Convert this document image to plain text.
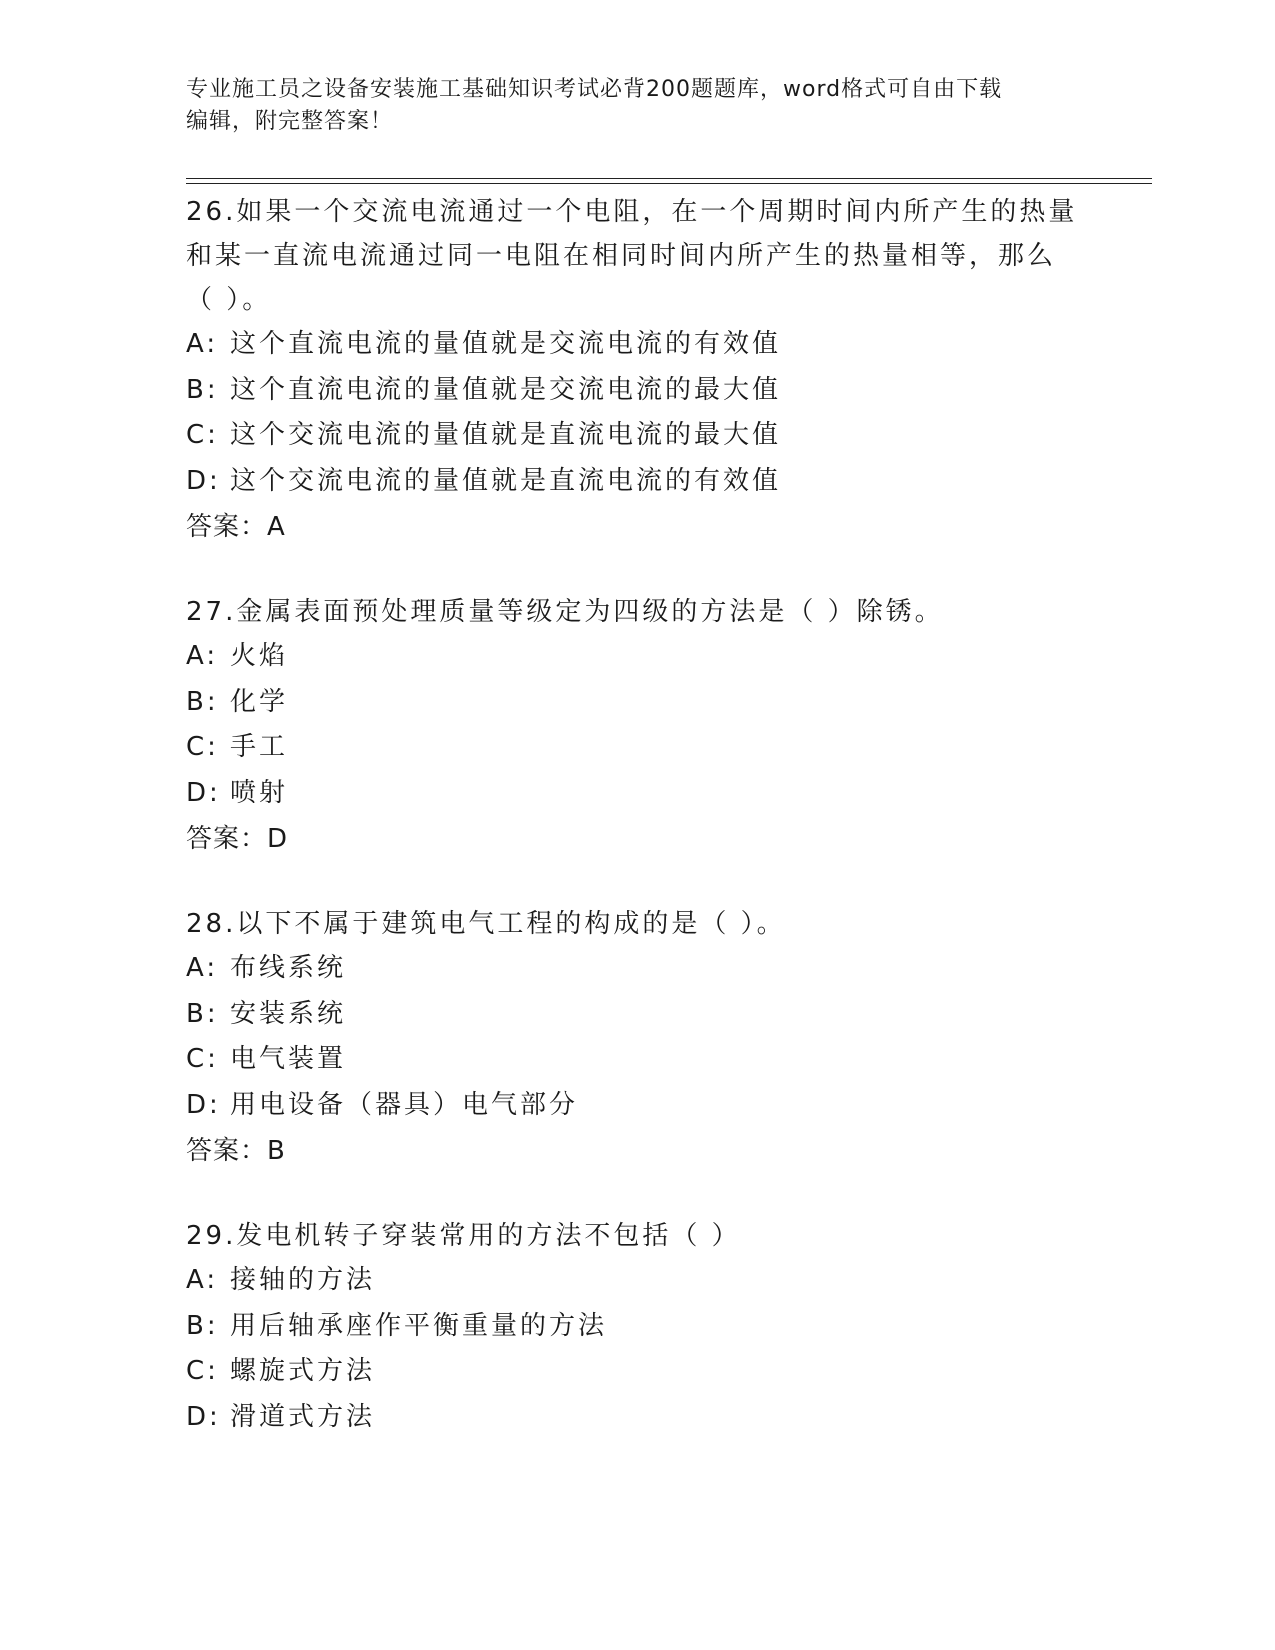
专业施工员之设备安装施工基础知识考试必背200题题库，word格式可自由下载
编辑，附完整答案！

26.如果一个交流电流通过一个电阻，在一个周期时间内所产生的热量

和某一直流电流通过同一电阻在相同时间内所产生的热量相等，那么

（ ）。

A: 这个直流电流的量值就是交流电流的有效值

B: 这个直流电流的量值就是交流电流的最大值

C: 这个交流电流的量值就是直流电流的最大值

D: 这个交流电流的量值就是直流电流的有效值

答案：A

27.金属表面预处理质量等级定为四级的方法是（ ）除锈。

A: 火焰

B: 化学

C: 手工

D: 喷射

答案：D

28.以下不属于建筑电气工程的构成的是（ ）。

A: 布线系统

B: 安装系统

C: 电气装置

D: 用电设备（器具）电气部分

答案：B

29.发电机转子穿装常用的方法不包括（ ）

A: 接轴的方法

B: 用后轴承座作平衡重量的方法

C: 螺旋式方法

D: 滑道式方法
